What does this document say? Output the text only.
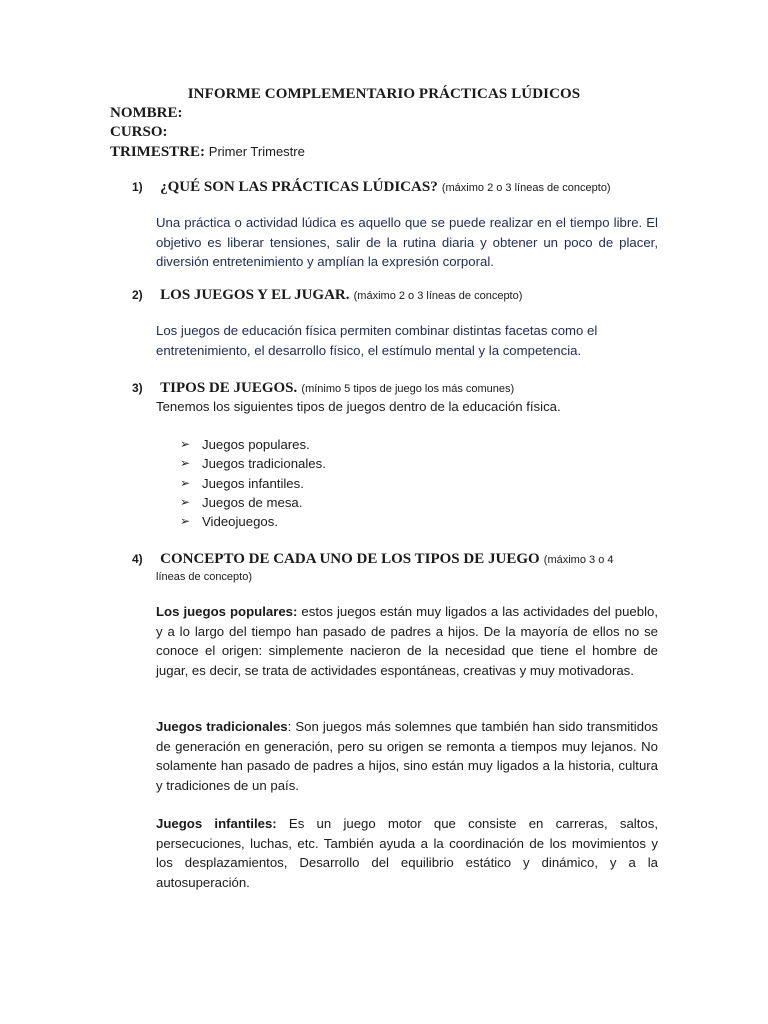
INFORME COMPLEMENTARIO PRÁCTICAS LÚDICOS
NOMBRE:
CURSO:
TRIMESTRE: Primer Trimestre
1) ¿QUÉ SON LAS PRÁCTICAS LÚDICAS? (máximo 2 o 3 líneas de concepto)
Una práctica o actividad lúdica es aquello que se puede realizar en el tiempo libre. El objetivo es liberar tensiones, salir de la rutina diaria y obtener un poco de placer, diversión entretenimiento y amplían la expresión corporal.
2) LOS JUEGOS Y EL JUGAR. (máximo 2 o 3 líneas de concepto)
Los juegos de educación física permiten combinar distintas facetas como el entretenimiento, el desarrollo físico, el estímulo mental y la competencia.
3) TIPOS DE JUEGOS. (mínimo 5 tipos de juego los más comunes)
Tenemos los siguientes tipos de juegos dentro de la educación física.
➢ Juegos populares.
➢ Juegos tradicionales.
➢ Juegos infantiles.
➢ Juegos de mesa.
➢ Videojuegos.
4) CONCEPTO DE CADA UNO DE LOS TIPOS DE JUEGO (máximo 3 o 4
líneas de concepto)
Los juegos populares: estos juegos están muy ligados a las actividades del pueblo, y a lo largo del tiempo han pasado de padres a hijos. De la mayoría de ellos no se conoce el origen: simplemente nacieron de la necesidad que tiene el hombre de jugar, es decir, se trata de actividades espontáneas, creativas y muy motivadoras.
Juegos tradicionales: Son juegos más solemnes que también han sido transmitidos de generación en generación, pero su origen se remonta a tiempos muy lejanos. No solamente han pasado de padres a hijos, sino están muy ligados a la historia, cultura y tradiciones de un país.
Juegos infantiles: Es un juego motor que consiste en carreras, saltos, persecuciones, luchas, etc. También ayuda a la coordinación de los movimientos y los desplazamientos, Desarrollo del equilibrio estático y dinámico, y a la autosuperación.
